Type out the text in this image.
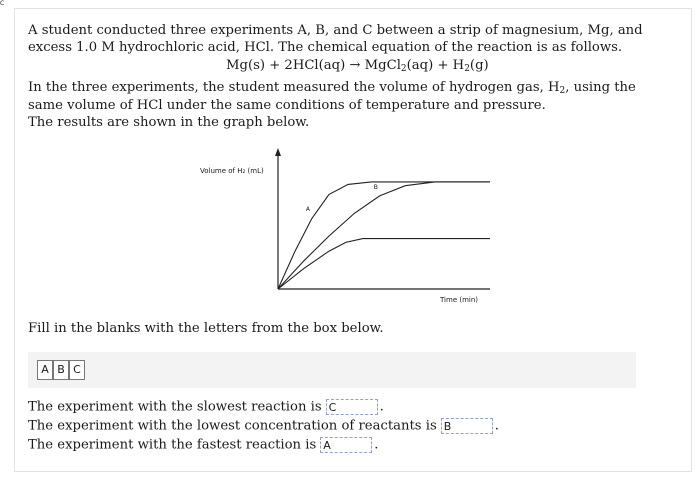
A student conducted three experiments A, B, and C between a strip of magnesium, Mg, and
excess 1.0 M hydrochloric acid, HCl. The chemical equation of the reaction is as follows.
Mg(s) + 2HCl(aq) → MgCl$_2$(aq) + $H_2(g)$
In the three experiments, the student measured the volume of hydrogen gas, $H_2$, using the
same volume of HCl under the same conditions of temperature and pressure.
The results are shown in the graph below.
Volume of H₂ (mL)
Time (min)
A
B
C
Fill in the blanks with the letters from the box below.
A B C
The experiment with the slowest reaction is C	.
The experiment with the lowest concentration of reactants is B	.
The experiment with the fastest reaction is A	.
